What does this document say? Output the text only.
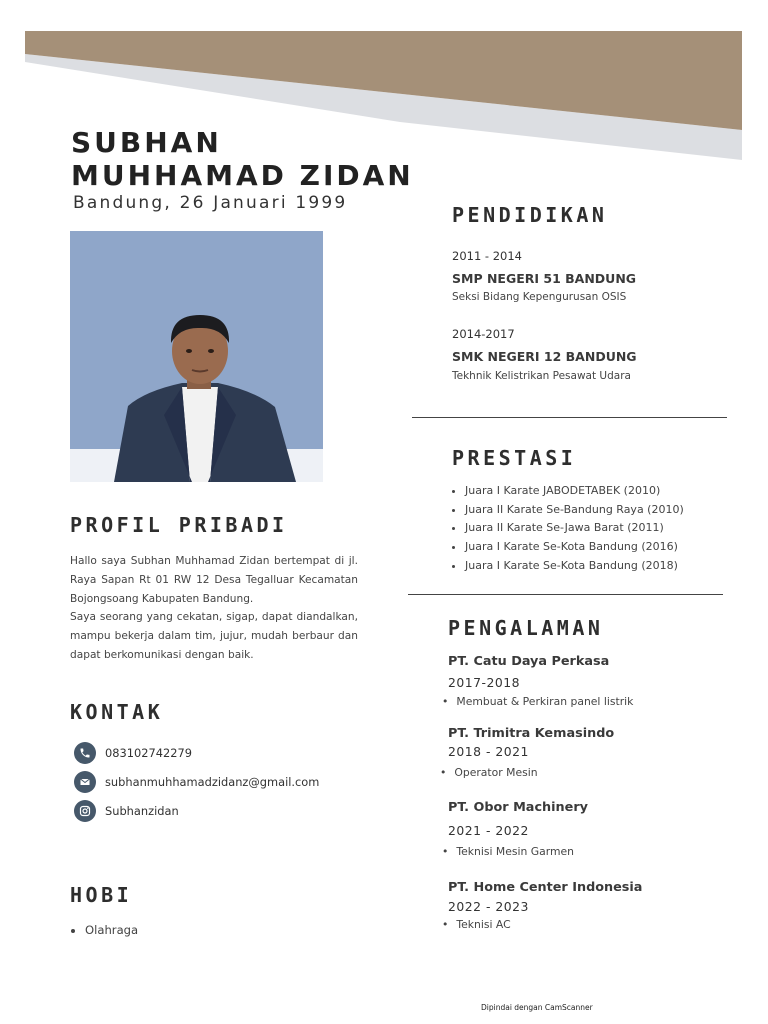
SUBHAN MUHHAMAD ZIDAN
Bandung, 26 Januari 1999
PROFIL PRIBADI

Hallo saya Subhan Muhhamad Zidan bertempat di jl. Raya Sapan Rt 01 RW 12 Desa Tegalluar Kecamatan Bojongsoang Kabupaten Bandung.

Saya seorang yang cekatan, sigap, dapat diandalkan, mampu bekerja dalam tim, jujur, mudah berbaur dan dapat berkomunikasi dengan baik.

KONTAK
083102742279
subhanmuhhamadzidanz@gmail.com
Subhanzidan
HOBI
• Olahraga
PENDIDIKAN
2011 - 2014
SMP NEGERI 51 BANDUNG
Seksi Bidang Kepengurusan OSIS
2014-2017
SMK NEGERI 12 BANDUNG
Tekhnik Kelistrikan Pesawat Udara
PRESTASI
• Juara I Karate JABODETABEK (2010)
• Juara II Karate Se-Bandung Raya (2010)
• Juara II Karate Se-Jawa Barat (2011)
• Juara I Karate Se-Kota Bandung (2016)
• Juara I Karate Se-Kota Bandung (2018)
PENGALAMAN
PT. Catu Daya Perkasa
2017-2018
• Membuat & Perkiran panel listrik
PT. Trimitra Kemasindo
2018 - 2021
• Operator Mesin
PT. Obor Machinery
2021 - 2022
• Teknisi Mesin Garmen
PT. Home Center Indonesia
2022 - 2023
• Teknisi AC
Dipindai dengan CamScanner
